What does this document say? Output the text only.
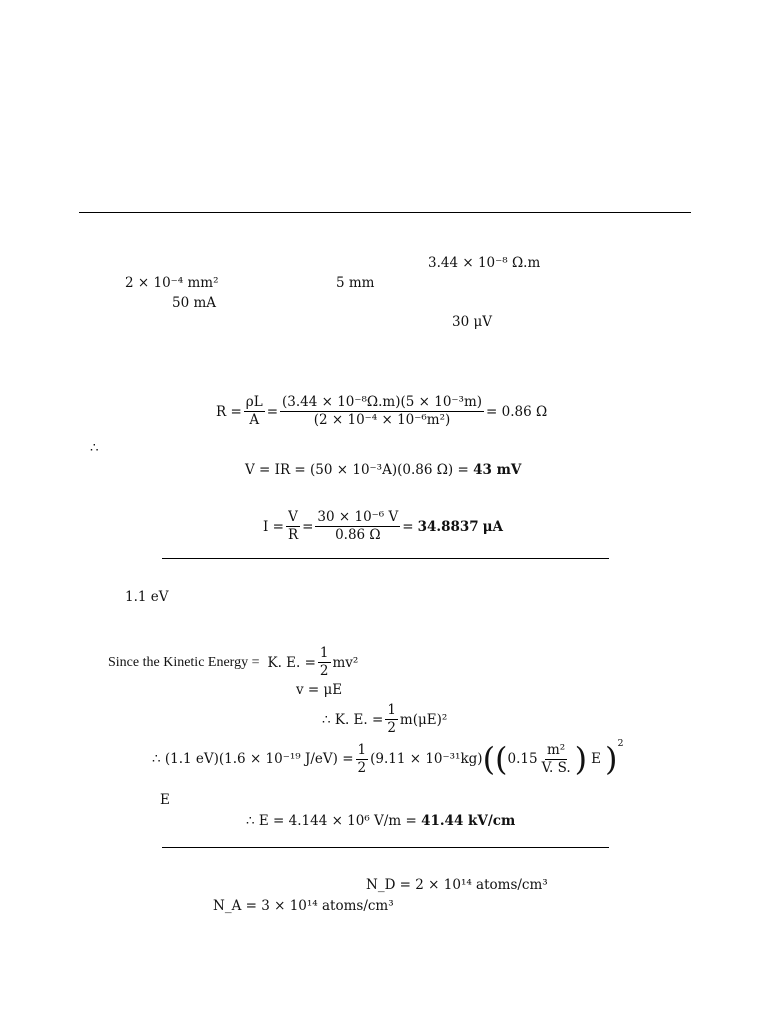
3.44 × 10⁻⁸ Ω.m
2 × 10⁻⁴ mm²	5 mm
50 mA
30 μV
$R = \frac{\rho L}{A} = \frac{\text{(3.44 × 10⁻⁸Ω.m)(5 × 10⁻³m)}}{\text{(2 × 10⁻⁴ × 10⁻⁶m²)}} = 0.86$ Ω
∴
V = IR = (50 × 10⁻³A)(0.86 Ω) = 43 mV
$I = \frac{V}{R} = \frac{\text{30 × 10⁻⁶ V}}{0.86 \Omega} = 34.8837$ μA
1.1 eV
Since the Kinetic Energy = K. E. = $\frac{1}{2} mv^2$
v = μE
∴ K. E. = $\frac{1}{2} m(\mu E)^2$
∴ (1.1 eV)(1.6 × 10⁻¹⁹ $J/eV) = \frac{1}{2} (9.11 \times 10^{-31}kg)$ (( $0.15 \frac{\text{m²}}{V. S.}$ ) E ) 2
E
∴ E = 4.144 × 10⁶ V/m = 41.44 kV/cm
N_D = 2 × 10¹⁴ atoms/cm³
N_A = 3 × 10¹⁴ atoms/cm³
